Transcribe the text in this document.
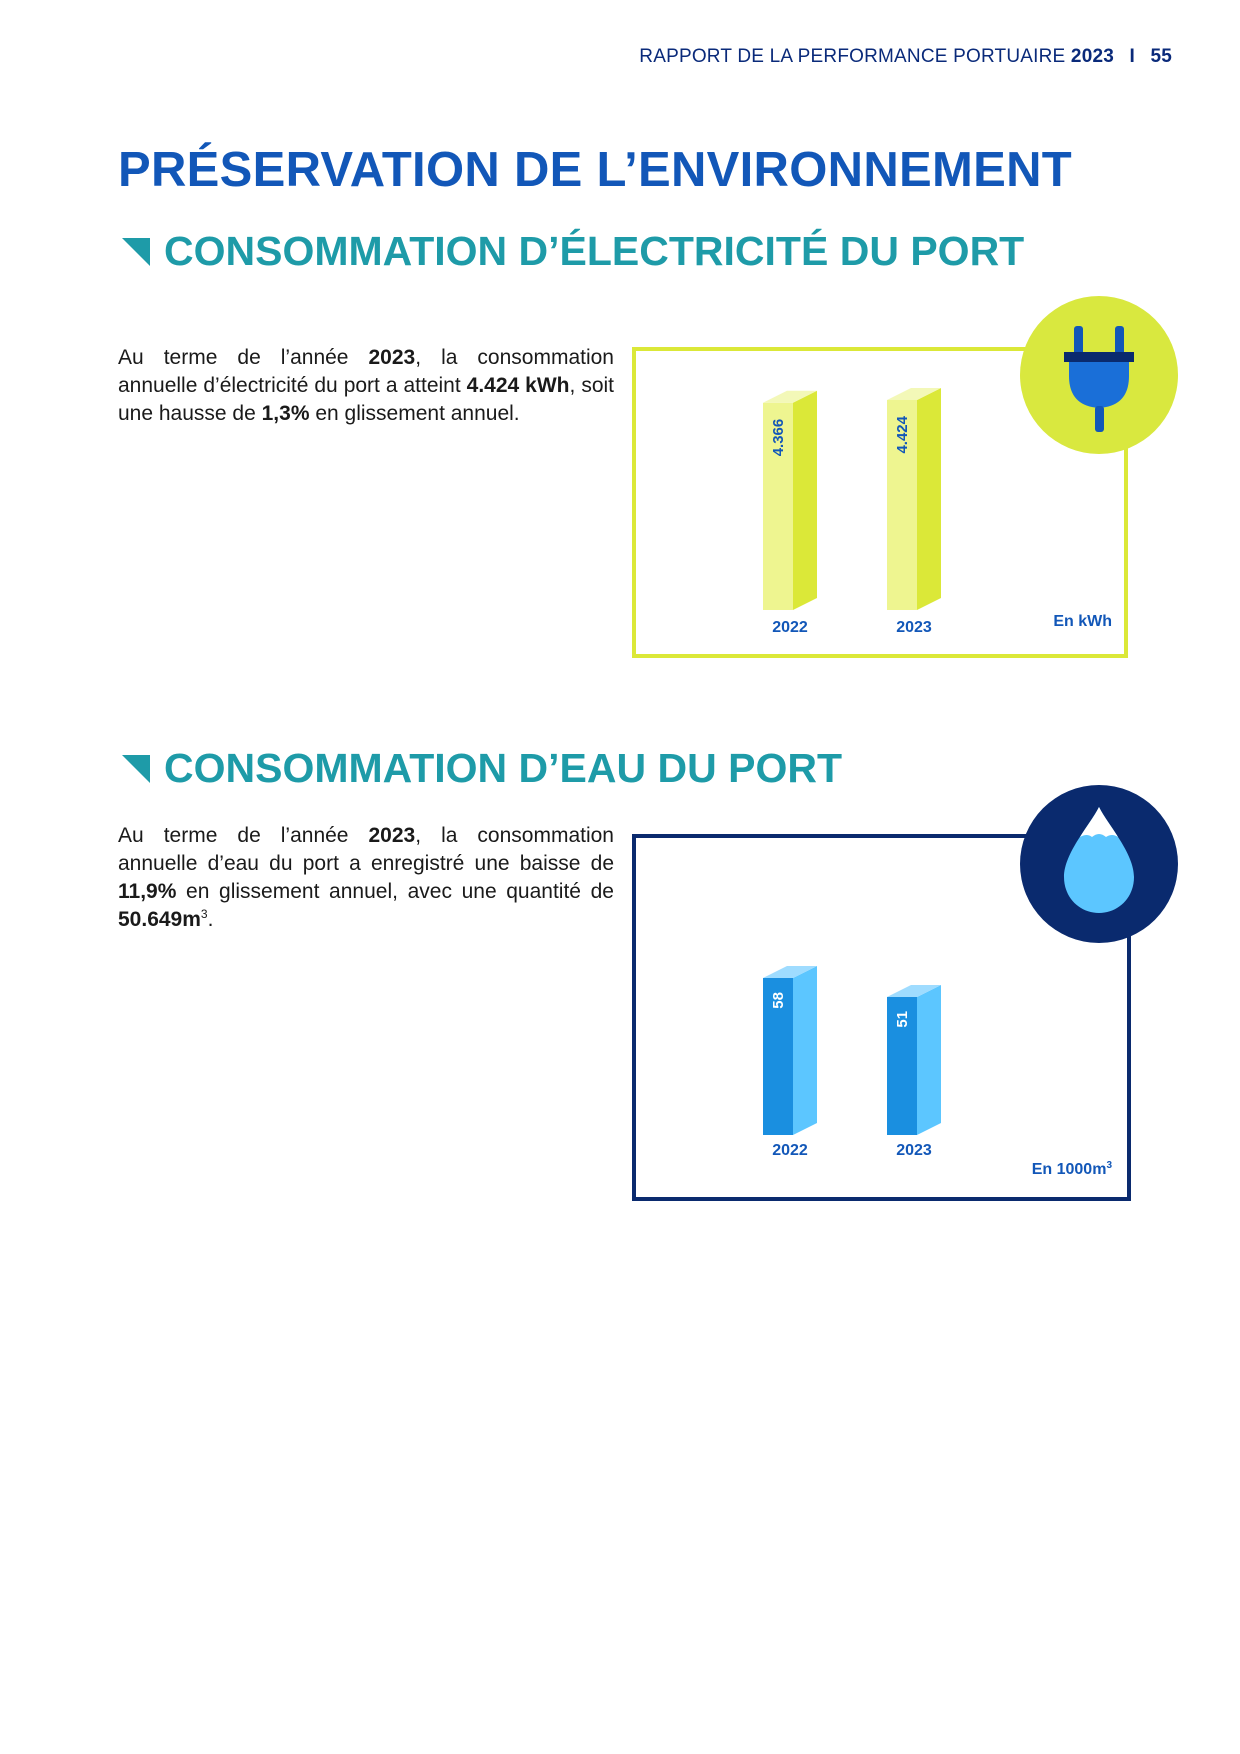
RAPPORT DE LA PERFORMANCE PORTUAIRE 2023 I 55
PRÉSERVATION DE L’ENVIRONNEMENT
CONSOMMATION D’ÉLECTRICITÉ DU PORT
Au terme de l’année 2023, la consommation annuelle d’électricité du port a atteint 4.424 kWh, soit une hausse de 1,3% en glissement annuel.
4.366
2022
4.424
2023	En kWh
CONSOMMATION D’EAU DU PORT
Au terme de l’année 2023, la consommation annuelle d’eau du port a enregistré une baisse de 11,9% en glissement annuel, avec une quantité de $50.649m^3$.
58
2022
51
2023
En $1000m^3$
